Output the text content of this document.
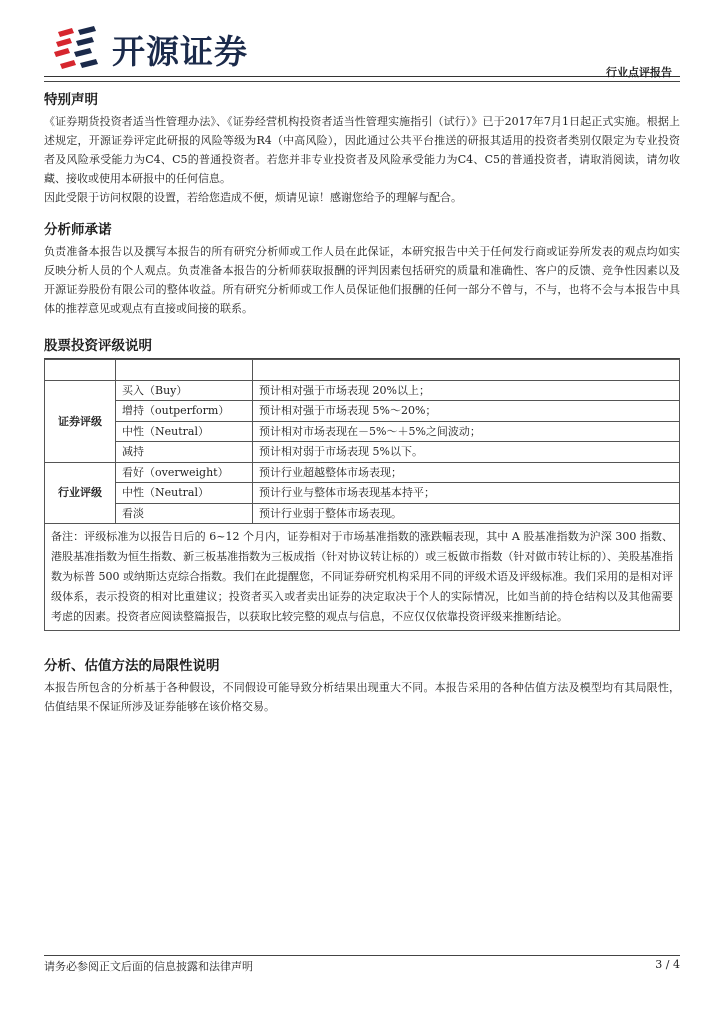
开源证券
行业点评报告
特别声明

《证券期货投资者适当性管理办法》、《证券经营机构投资者适当性管理实施指引（试行）》已于2017年7月1日起正式实施。根据上述规定，开源证券评定此研报的风险等级为R4（中高风险），因此通过公共平台推送的研报其适用的投资者类别仅限定为专业投资者及风险承受能力为C4、C5的普通投资者。若您并非专业投资者及风险承受能力为C4、C5的普通投资者，请取消阅读，请勿收藏、接收或使用本研报中的任何信息。

因此受限于访问权限的设置，若给您造成不便，烦请见谅！感谢您给予的理解与配合。

分析师承诺

负责准备本报告以及撰写本报告的所有研究分析师或工作人员在此保证，本研究报告中关于任何发行商或证券所发表的观点均如实反映分析人员的个人观点。负责准备本报告的分析师获取报酬的评判因素包括研究的质量和准确性、客户的反馈、竞争性因素以及开源证券股份有限公司的整体收益。所有研究分析师或工作人员保证他们报酬的任何一部分不曾与，不与，也将不会与本报告中具体的推荐意见或观点有直接或间接的联系。

股票投资评级说明

证券评级	买入（Buy）	预计相对强于市场表现 20%以上；
	增持（outperform）	预计相对强于市场表现 5%～20%；
	中性（Neutral）	预计相对市场表现在－5%～＋5%之间波动；
	减持	预计相对弱于市场表现 5%以下。
行业评级	看好（overweight）	预计行业超越整体市场表现；
	中性（Neutral）	预计行业与整体市场表现基本持平；
	看淡	预计行业弱于整体市场表现。
备注：评级标准为以报告日后的 6~12 个月内，证券相对于市场基准指数的涨跌幅表现，其中 A 股基准指数为沪深 300 指数、港股基准指数为恒生指数、新三板基准指数为三板成指（针对协议转让标的）或三板做市指数（针对做市转让标的）、美股基准指数为标普 500 或纳斯达克综合指数。我们在此提醒您，不同证券研究机构采用不同的评级术语及评级标准。我们采用的是相对评级体系，表示投资的相对比重建议；投资者买入或者卖出证券的决定取决于个人的实际情况，比如当前的持仓结构以及其他需要考虑的因素。投资者应阅读整篇报告，以获取比较完整的观点与信息，不应仅仅依靠投资评级来推断结论。		
分析、估值方法的局限性说明

本报告所包含的分析基于各种假设，不同假设可能导致分析结果出现重大不同。本报告采用的各种估值方法及模型均有其局限性，估值结果不保证所涉及证券能够在该价格交易。

请务必参阅正文后面的信息披露和法律声明	3 / 4
